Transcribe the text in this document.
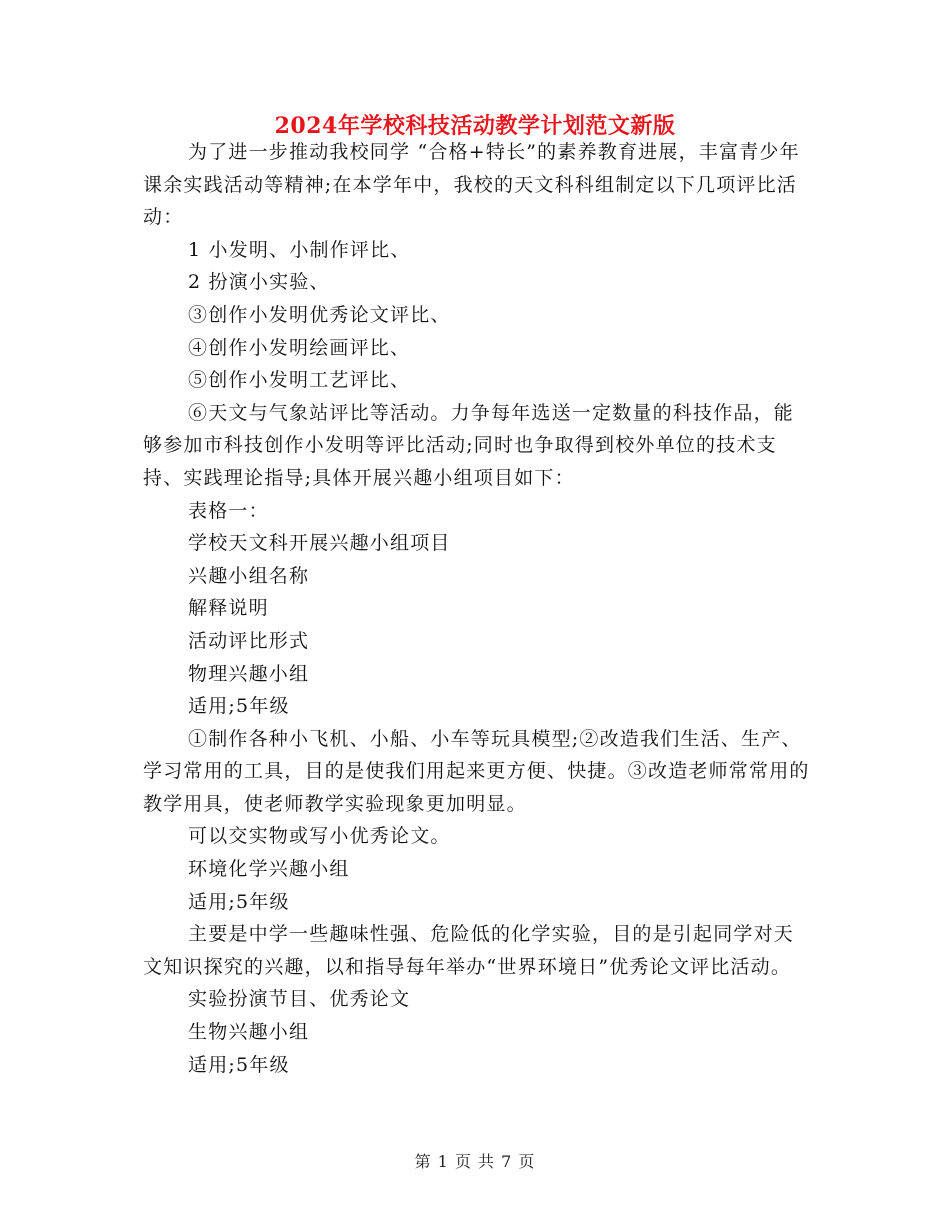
2024年学校科技活动教学计划范文新版

为了进一步推动我校同学 “合格+特长”的素养教育进展，丰富青少年课余实践活动等精神;在本学年中，我校的天文科科组制定以下几项评比活动：

1 小发明、小制作评比、

2 扮演小实验、

③创作小发明优秀论文评比、

④创作小发明绘画评比、

⑤创作小发明工艺评比、

⑥天文与气象站评比等活动。力争每年选送一定数量的科技作品，能够参加市科技创作小发明等评比活动;同时也争取得到校外单位的技术支持、实践理论指导;具体开展兴趣小组项目如下：

表格一：

学校天文科开展兴趣小组项目

兴趣小组名称

解释说明

活动评比形式

物理兴趣小组

适用;5年级

①制作各种小飞机、小船、小车等玩具模型;②改造我们生活、生产、学习常用的工具，目的是使我们用起来更方便、快捷。③改造老师常常用的教学用具，使老师教学实验现象更加明显。

可以交实物或写小优秀论文。

环境化学兴趣小组

适用;5年级

主要是中学一些趣味性强、危险低的化学实验，目的是引起同学对天文知识探究的兴趣，以和指导每年举办“世界环境日”优秀论文评比活动。

实验扮演节目、优秀论文

生物兴趣小组

适用;5年级

第 1 页 共 7 页
